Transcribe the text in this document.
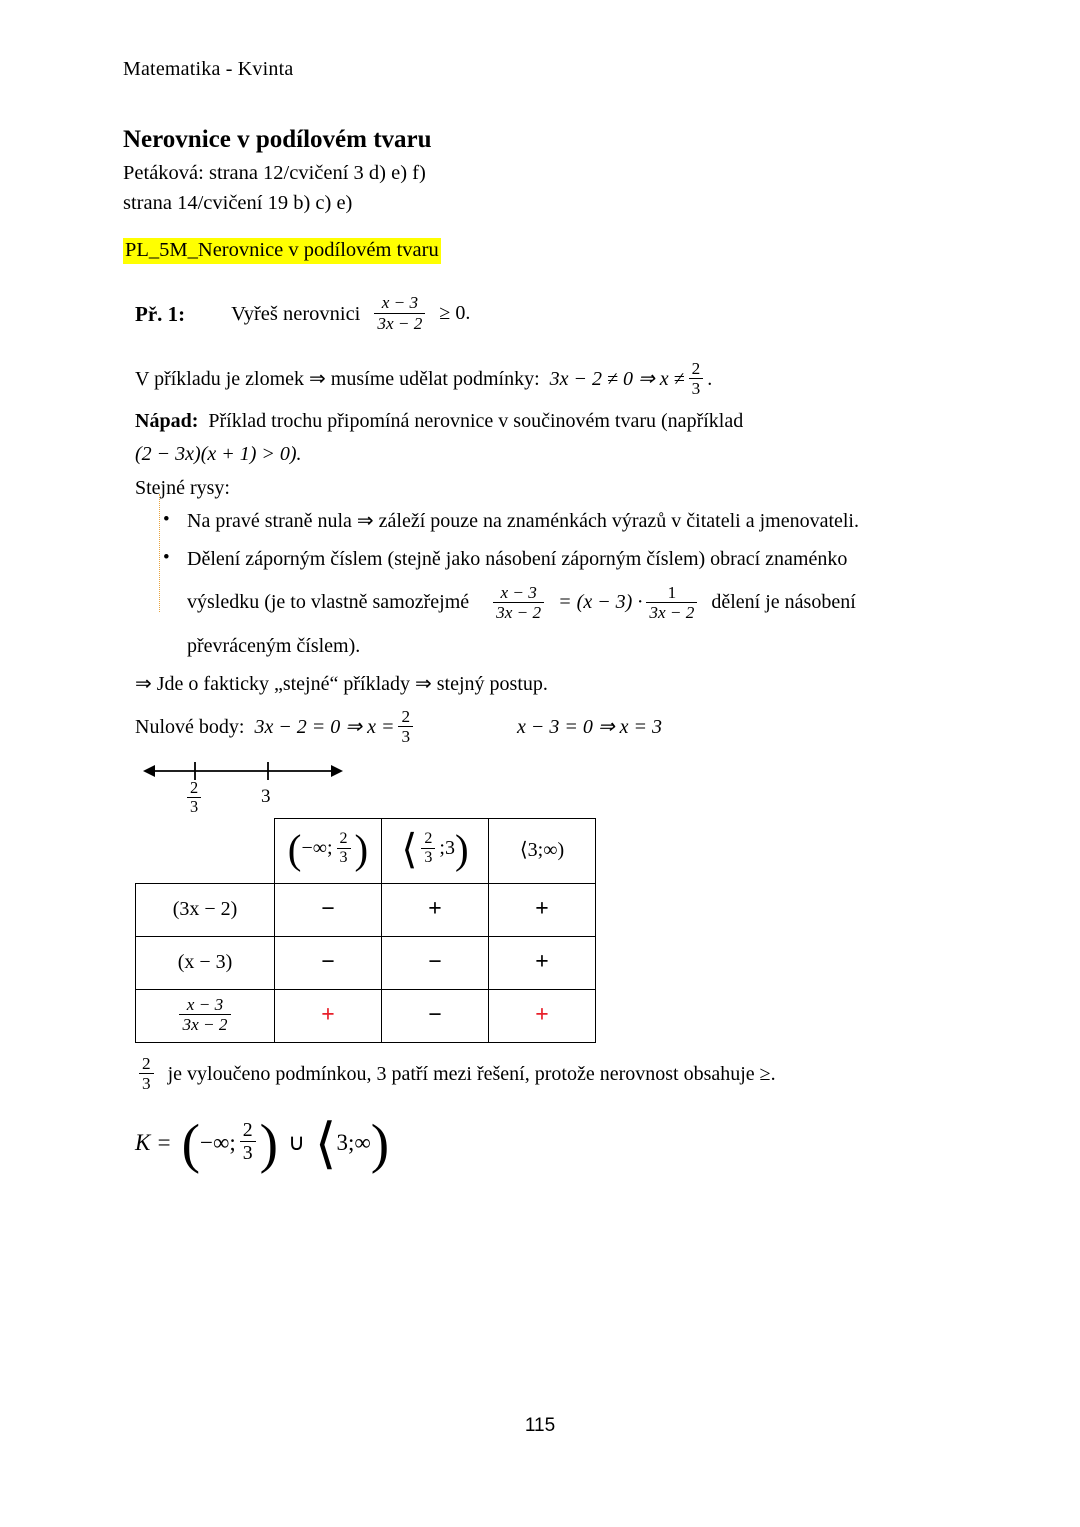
Matematika - Kvinta
Nerovnice v podílovém tvaru
Petáková: strana 12/cvičení 3 d) e) f)
strana 14/cvičení 19 b) c) e)
PL_5M_Nerovnice v podílovém tvaru
Př. 1: Vyřeš nerovnici $\frac{x - 3}{3x - 2} \ge 0$.
V příkladu je zlomek ⇒ musíme udělat podmínky: 3x − 2 ≠ 0 ⇒ $x \ne \frac{2}{3}$ .
Nápad: Příklad trochu připomíná nerovnice v součinovém tvaru (například
(2 − 3x)(x + 1) > 0).
Stejné rysy:
• Na pravé straně nula ⇒ záleží pouze na znaménkách výrazů v čitateli a jmenovateli.
• Dělení záporným číslem (stejně jako násobení záporným číslem) obrací znaménko
výsledku (je to vlastně samozřejmé $\frac{x - 3}{3x - 2} = (x - 3) \cdot \frac{1}{3x - 2}$ dělení je násobení
převráceným číslem).
⇒ Jde o fakticky „stejné“ příklady ⇒ stejný postup.
Nulové body: 3x − 2 = 0 ⇒ $x = \frac{2}{3}$	x − 3 = 0 ⇒ x = 3
$\frac{2}{3}$	3

	( −∞; $\frac{2}{3}$ )	⟨ $\frac{2}{3}$ ;3 )	⟨3;∞)
(3x − 2)	−	+	+
(x − 3)	−	−	+

$\frac{x - 3}{3x - 2}$	+	−	+
$\frac{2}{3}$ je vyloučeno podmínkou, 3 patří mezi řešení, protože nerovnost obsahuje ≥.
K = ( −∞; $\frac{2}{3}$ ) ∪ ⟨ 3;∞ )
115
